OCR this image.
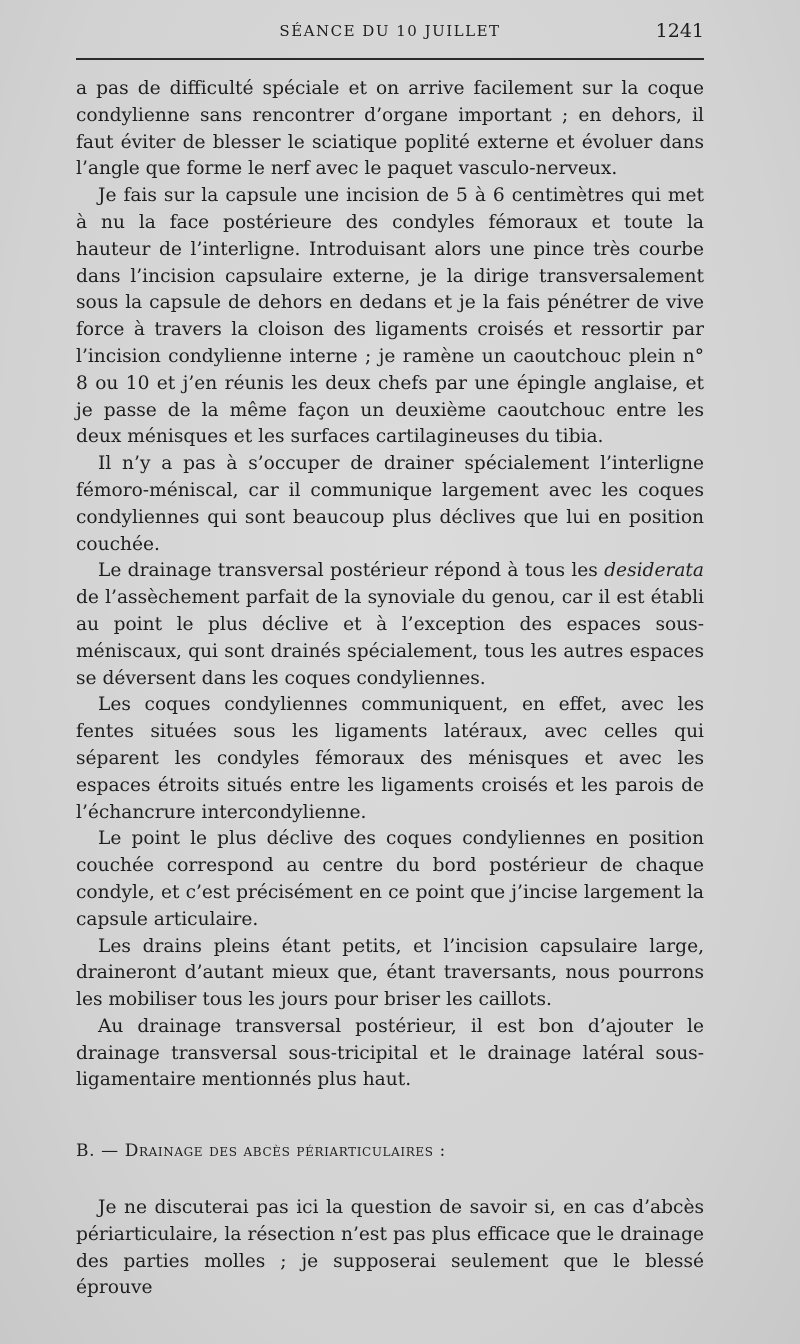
SÉANCE DU 10 JUILLET	1241

a pas de difficulté spéciale et on arrive facilement sur la coque condylienne sans rencontrer d’organe important ; en dehors, il faut éviter de blesser le sciatique poplité externe et évoluer dans l’angle que forme le nerf avec le paquet vasculo-nerveux.

Je fais sur la capsule une incision de 5 à 6 centimètres qui met à nu la face postérieure des condyles fémoraux et toute la hauteur de l’interligne. Introduisant alors une pince très courbe dans l’incision capsulaire externe, je la dirige transversalement sous la capsule de dehors en dedans et je la fais pénétrer de vive force à travers la cloison des ligaments croisés et ressortir par l’incision condylienne interne ; je ramène un caoutchouc plein n° 8 ou 10 et j’en réunis les deux chefs par une épingle anglaise, et je passe de la même façon un deuxième caoutchouc entre les deux ménisques et les surfaces cartilagineuses du tibia.

Il n’y a pas à s’occuper de drainer spécialement l’interligne fémoro-méniscal, car il communique largement avec les coques condyliennes qui sont beaucoup plus déclives que lui en position couchée.

Le drainage transversal postérieur répond à tous les desiderata de l’assèchement parfait de la synoviale du genou, car il est établi au point le plus déclive et à l’exception des espaces sous-méniscaux, qui sont drainés spécialement, tous les autres espaces se déversent dans les coques condyliennes.

Les coques condyliennes communiquent, en effet, avec les fentes situées sous les ligaments latéraux, avec celles qui séparent les condyles fémoraux des ménisques et avec les espaces étroits situés entre les ligaments croisés et les parois de l’échancrure intercondylienne.

Le point le plus déclive des coques condyliennes en position couchée correspond au centre du bord postérieur de chaque condyle, et c’est précisément en ce point que j’incise largement la capsule articulaire.

Les drains pleins étant petits, et l’incision capsulaire large, draineront d’autant mieux que, étant traversants, nous pourrons les mobiliser tous les jours pour briser les caillots.

Au drainage transversal postérieur, il est bon d’ajouter le drainage transversal sous-tricipital et le drainage latéral sous-ligamentaire mentionnés plus haut.

B. — Drainage des abcès périarticulaires :

Je ne discuterai pas ici la question de savoir si, en cas d’abcès périarticulaire, la résection n’est pas plus efficace que le drainage des parties molles ; je supposerai seulement que le blessé éprouve
